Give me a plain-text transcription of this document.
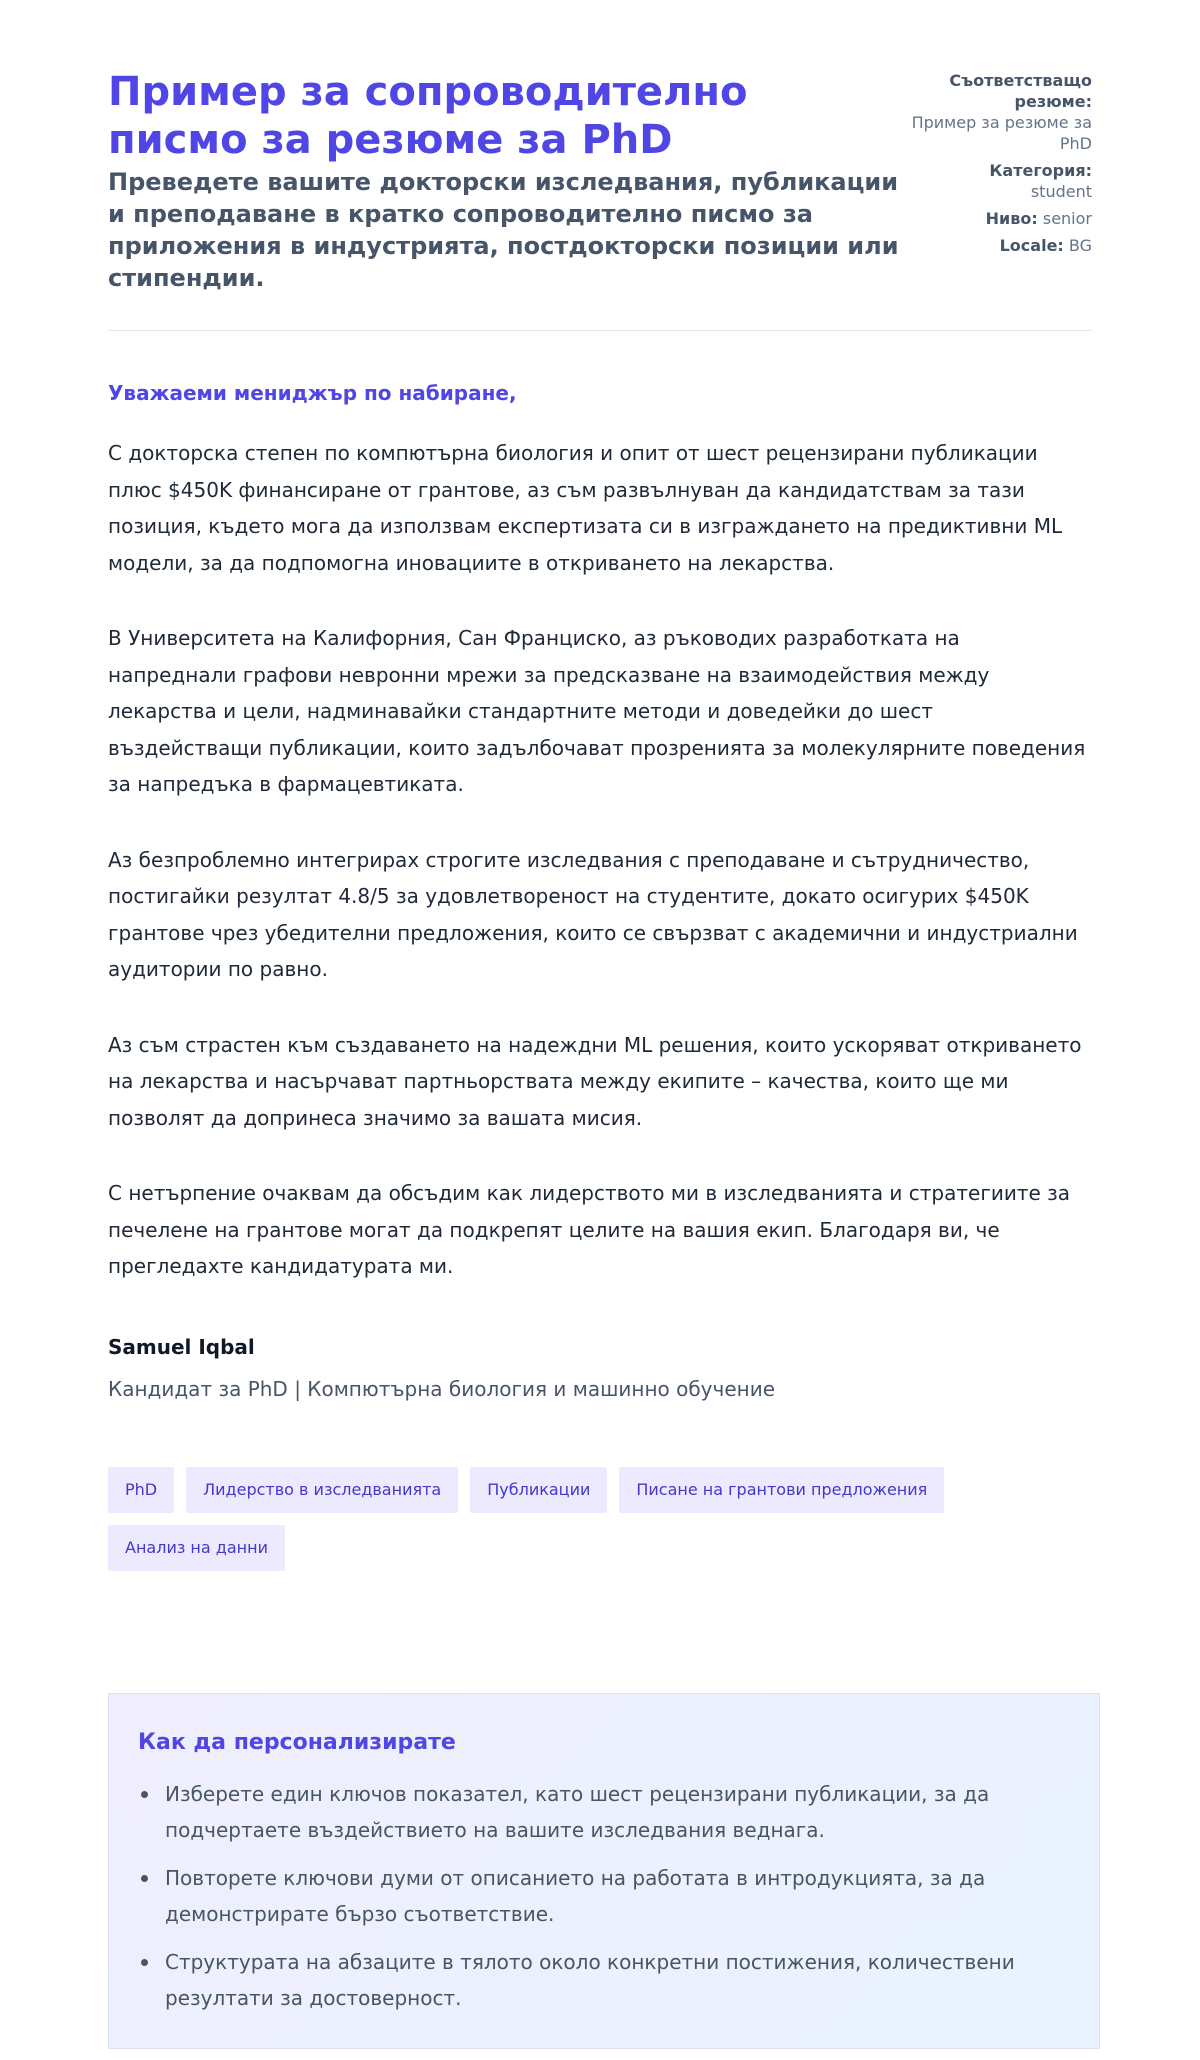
Пример за сопроводително писмо за резюме за PhD
Преведете вашите докторски изследвания, публикации и преподаване в кратко сопроводително писмо за приложения в индустрията, постдокторски позиции или стипендии.
Съответстващо резюме:
Пример за резюме за PhD
Категория:
student
Ниво: senior
Locale: BG

Уважаеми мениджър по набиране,

С докторска степен по компютърна биология и опит от шест рецензирани публикации плюс $450K финансиране от грантове, аз съм развълнуван да кандидатствам за тази позиция, където мога да използвам експертизата си в изграждането на предиктивни ML модели, за да подпомогна иновациите в откриването на лекарства.

В Университета на Калифорния, Сан Франциско, аз ръководих разработката на напреднали графови невронни мрежи за предсказване на взаимодействия между лекарства и цели, надминавайки стандартните методи и доведейки до шест въздействащи публикации, които задълбочават прозренията за молекулярните поведения за напредъка в фармацевтиката.

Аз безпроблемно интегрирах строгите изследвания с преподаване и сътрудничество, постигайки резултат 4.8/5 за удовлетвореност на студентите, докато осигурих $450K грантове чрез убедителни предложения, които се свързват с академични и индустриални аудитории по равно.

Аз съм страстен към създаването на надеждни ML решения, които ускоряват откриването на лекарства и насърчават партньорствата между екипите – качества, които ще ми позволят да допринеса значимо за вашата мисия.

С нетърпение очаквам да обсъдим как лидерството ми в изследванията и стратегиите за печелене на грантове могат да подкрепят целите на вашия екип. Благодаря ви, че прегледахте кандидатурата ми.

Samuel Iqbal
Кандидат за PhD | Компютърна биология и машинно обучение
PhD	Лидерство в изследванията	Публикации	Писане на грантови предложения
Анализ на данни
Как да персонализирате
Изберете един ключов показател, като шест рецензирани публикации, за да подчертаете въздействието на вашите изследвания веднага.
Повторете ключови думи от описанието на работата в интродукцията, за да демонстрирате бързо съответствие.
Структурата на абзаците в тялото около конкретни постижения, количествени резултати за достоверност.
